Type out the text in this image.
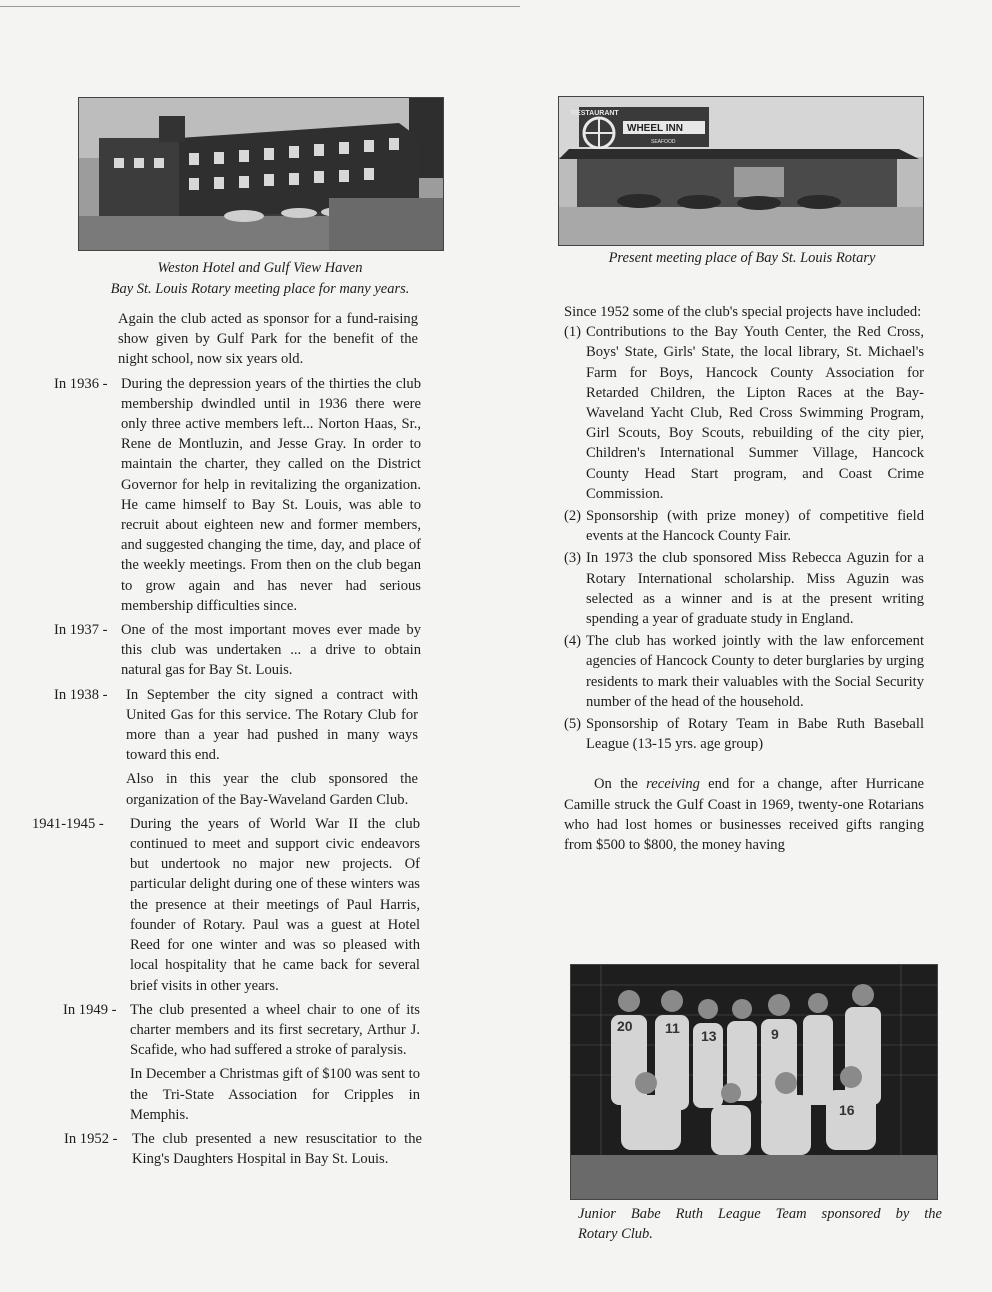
Weston Hotel and Gulf View Haven
Bay St. Louis Rotary meeting place for many years.

Again the club acted as sponsor for a fund-raising show given by Gulf Park for the benefit of the night school, now six years old.

In 1936 - During the depression years of the thirties the club membership dwindled until in 1936 there were only three active members left... Norton Haas, Sr., Rene de Montluzin, and Jesse Gray. In order to maintain the charter, they called on the District Governor for help in revitalizing the organization. He came himself to Bay St. Louis, was able to recruit about eighteen new and former members, and suggested changing the time, day, and place of the weekly meetings. From then on the club began to grow again and has never had serious membership difficulties since.
In 1937 - One of the most important moves ever made by this club was undertaken ... a drive to obtain natural gas for Bay St. Louis.
In 1938 - In September the city signed a contract with United Gas for this service. The Rotary Club for more than a year had pushed in many ways toward this end.

Also in this year the club sponsored the organization of the Bay-Waveland Garden Club.

1941-1945 - During the years of World War II the club continued to meet and support civic endeavors but undertook no major new projects. Of particular delight during one of these winters was the presence at their meetings of Paul Harris, founder of Rotary. Paul was a guest at Hotel Reed for one winter and was so pleased with local hospitality that he came back for several brief visits in other years.
In 1949 - The club presented a wheel chair to one of its charter members and its first secretary, Arthur J. Scafide, who had suffered a stroke of paralysis.

In December a Christmas gift of $100 was sent to the Tri-State Association for Cripples in Memphis.

In 1952 - The club presented a new resuscitatior to the King's Daughters Hospital in Bay St. Louis.
RESTAURANT
WHEEL INN
SEAFOOD
Present meeting place of Bay St. Louis Rotary

Since 1952 some of the club's special projects have included:

(1) Contributions to the Bay Youth Center, the Red Cross, Boys' State, Girls' State, the local library, St. Michael's Farm for Boys, Hancock County Association for Retarded Children, the Lipton Races at the Bay-Waveland Yacht Club, Red Cross Swimming Program, Girl Scouts, Boy Scouts, rebuilding of the city pier, Children's International Summer Village, Hancock County Head Start program, and Coast Crime Commission.

(2) Sponsorship (with prize money) of competitive field events at the Hancock County Fair.

(3) In 1973 the club sponsored Miss Rebecca Aguzin for a Rotary International scholarship. Miss Aguzin was selected as a winner and is at the present writing spending a year of graduate study in England.

(4) The club has worked jointly with the law enforcement agencies of Hancock County to deter burglaries by urging residents to mark their valuables with the Social Security number of the head of the household.

(5) Sponsorship of Rotary Team in Babe Ruth Baseball League (13-15 yrs. age group)

On the receiving end for a change, after Hurricane Camille struck the Gulf Coast in 1969, twenty-one Rotarians who had lost homes or businesses received gifts ranging from $500 to $800, the money having

20 11 13	9
16
Junior Babe Ruth League Team sponsored by the
Rotary Club.
